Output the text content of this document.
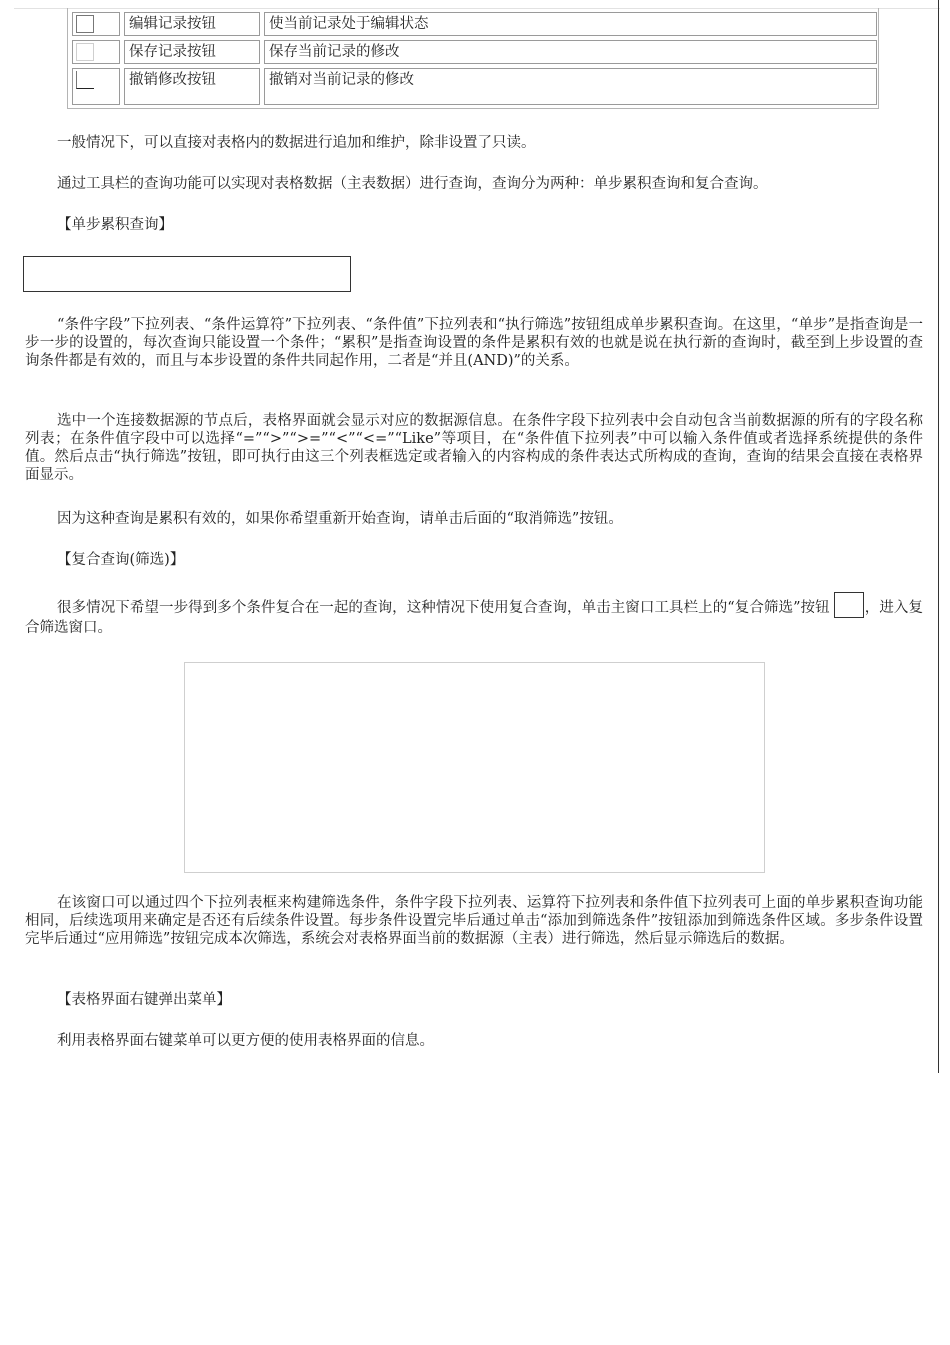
编辑记录按钮	使当前记录处于编辑状态
保存记录按钮	保存当前记录的修改
撤销修改按钮	撤销对当前记录的修改

一般情况下，可以直接对表格内的数据进行追加和维护，除非设置了只读。

通过工具栏的查询功能可以实现对表格数据（主表数据）进行查询，查询分为两种：单步累积查询和复合查询。

【单步累积查询】

“条件字段”下拉列表、“条件运算符”下拉列表、“条件值”下拉列表和“执行筛选”按钮组成单步累积查询。在这里，“单步”是指查询是一步一步的设置的，每次查询只能设置一个条件；“累积”是指查询设置的条件是累积有效的也就是说在执行新的查询时，截至到上步设置的查询条件都是有效的，而且与本步设置的条件共同起作用，二者是“并且(AND)”的关系。

选中一个连接数据源的节点后，表格界面就会显示对应的数据源信息。在条件字段下拉列表中会自动包含当前数据源的所有的字段名称列表；在条件值字段中可以选择“=”“>”“>=”“<”“<=”“Like”等项目，在“条件值下拉列表”中可以输入条件值或者选择系统提供的条件值。然后点击“执行筛选”按钮，即可执行由这三个列表框选定或者输入的内容构成的条件表达式所构成的查询，查询的结果会直接在表格界面显示。

因为这种查询是累积有效的，如果你希望重新开始查询，请单击后面的“取消筛选”按钮。

【复合查询(筛选)】

很多情况下希望一步得到多个条件复合在一起的查询，这种情况下使用复合查询，单击主窗口工具栏上的“复合筛选”按钮 ，进入复合筛选窗口。

在该窗口可以通过四个下拉列表框来构建筛选条件，条件字段下拉列表、运算符下拉列表和条件值下拉列表可上面的单步累积查询功能相同，后续选项用来确定是否还有后续条件设置。每步条件设置完毕后通过单击“添加到筛选条件”按钮添加到筛选条件区域。多步条件设置完毕后通过“应用筛选”按钮完成本次筛选，系统会对表格界面当前的数据源（主表）进行筛选，然后显示筛选后的数据。

【表格界面右键弹出菜单】

利用表格界面右键菜单可以更方便的使用表格界面的信息。
